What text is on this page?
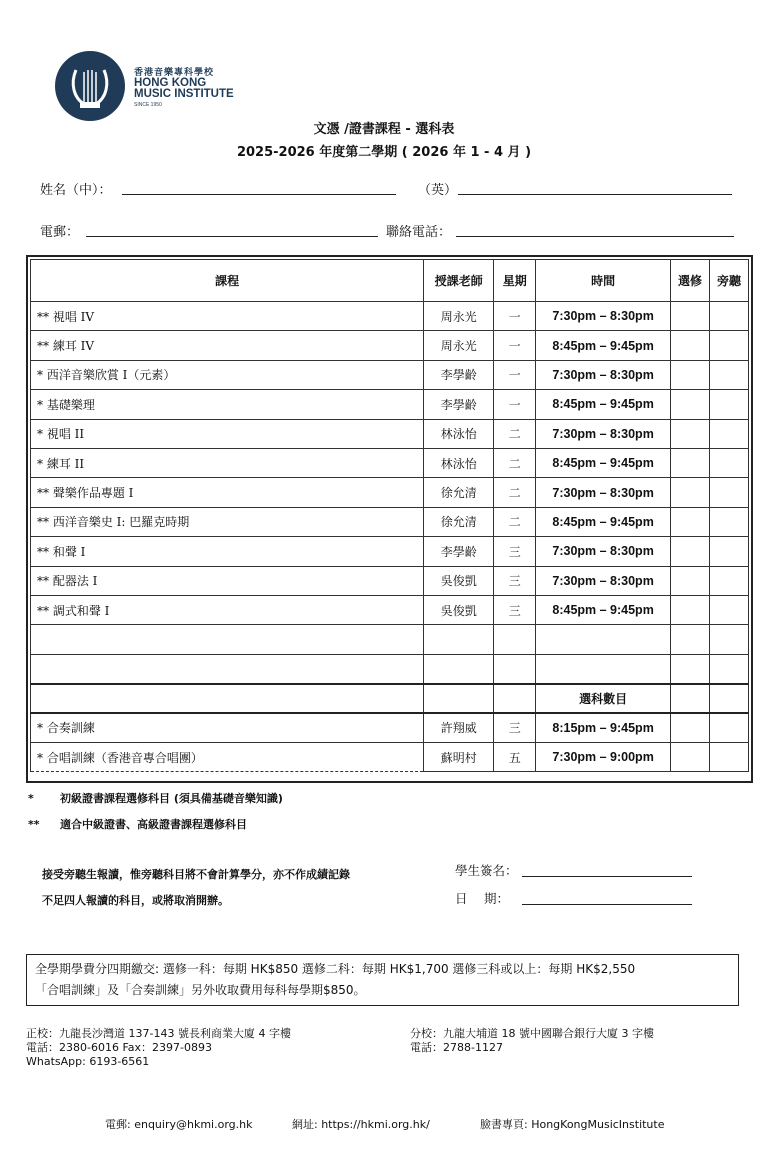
香港音樂專科學校
HONG KONG
MUSIC INSTITUTE
SINCE 1950
文憑 /證書課程 - 選科表
2025-2026 年度第二學期 ( 2026 年 1 - 4 月 )
姓名（中）：	（英）
電郵：	聯絡電話：
課程	授課老師	星期	時間	選修	旁聽
** 視唱 IV	周永光	一	7:30pm – 8:30pm		
** 練耳 IV	周永光	一	8:45pm – 9:45pm		
* 西洋音樂欣賞 I（元素）	李學齡	一	7:30pm – 8:30pm		
* 基礎樂理	李學齡	一	8:45pm – 9:45pm		
* 視唱 II	林泳怡	二	7:30pm – 8:30pm		
* 練耳 II	林泳怡	二	8:45pm – 9:45pm		
** 聲樂作品專題 I	徐允清	二	7:30pm – 8:30pm		
** 西洋音樂史 I: 巴羅克時期	徐允清	二	8:45pm – 9:45pm		
** 和聲 I	李學齡	三	7:30pm – 8:30pm		
** 配器法 I	吳俊凱	三	7:30pm – 8:30pm		
** 調式和聲 I	吳俊凱	三	8:45pm – 9:45pm		

			選科數目		
* 合奏訓練	許翔威	三	8:15pm – 9:45pm		
* 合唱訓練（香港音專合唱團）	蘇明村	五	7:30pm – 9:00pm		
* 初級證書課程選修科目 (須具備基礎音樂知識)
** 適合中級證書、高級證書課程選修科目
接受旁聽生報讀，惟旁聽科目將不會計算學分，亦不作成績記錄
不足四人報讀的科目，或將取消開辦。
學生簽名：
日　 期：
全學期學費分四期繳交: 選修一科：每期 HK$850 選修二科：每期 HK$1,700 選修三科或以上：每期 HK$2,550
「合唱訓練」及「合奏訓練」另外收取費用每科每學期$850。
正校：九龍長沙灣道 137-143 號長利商業大廈 4 字樓
電話：2380-6016 Fax：2397-0893
WhatsApp: 6193-6561
分校：九龍大埔道 18 號中國聯合銀行大廈 3 字樓
電話：2788-1127
電郵: enquiry@hkmi.org.hk	網址: https://hkmi.org.hk/	臉書專頁: HongKongMusicInstitute
